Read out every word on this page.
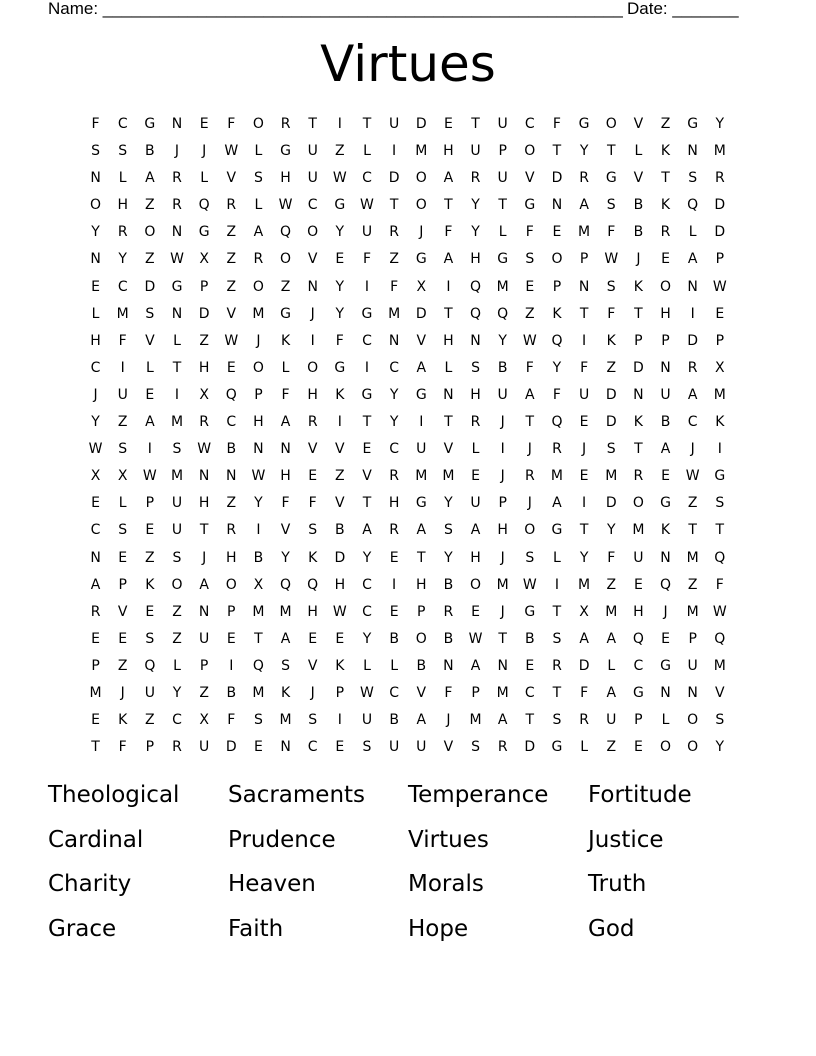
Name: _______________________________________________________ Date: _______
Virtues
F	C	G	N	E	F	O	R	T	I	T	U	D	E	T	U	C	F	G	O	V	Z	G	Y
S	S	B	J	J	W	L	G	U	Z	L	I	M	H	U	P	O	T	Y	T	L	K	N	M
N	L	A	R	L	V	S	H	U	W	C	D	O	A	R	U	V	D	R	G	V	T	S	R
O	H	Z	R	Q	R	L	W	C	G	W	T	O	T	Y	T	G	N	A	S	B	K	Q	D
Y	R	O	N	G	Z	A	Q	O	Y	U	R	J	F	Y	L	F	E	M	F	B	R	L	D
N	Y	Z	W	X	Z	R	O	V	E	F	Z	G	A	H	G	S	O	P	W	J	E	A	P
E	C	D	G	P	Z	O	Z	N	Y	I	F	X	I	Q	M	E	P	N	S	K	O	N	W
L	M	S	N	D	V	M	G	J	Y	G	M	D	T	Q	Q	Z	K	T	F	T	H	I	E
H	F	V	L	Z	W	J	K	I	F	C	N	V	H	N	Y	W	Q	I	K	P	P	D	P
C	I	L	T	H	E	O	L	O	G	I	C	A	L	S	B	F	Y	F	Z	D	N	R	X
J	U	E	I	X	Q	P	F	H	K	G	Y	G	N	H	U	A	F	U	D	N	U	A	M
Y	Z	A	M	R	C	H	A	R	I	T	Y	I	T	R	J	T	Q	E	D	K	B	C	K
W	S	I	S	W	B	N	N	V	V	E	C	U	V	L	I	J	R	J	S	T	A	J	I
X	X	W	M	N	N	W	H	E	Z	V	R	M	M	E	J	R	M	E	M	R	E	W	G
E	L	P	U	H	Z	Y	F	F	V	T	H	G	Y	U	P	J	A	I	D	O	G	Z	S
C	S	E	U	T	R	I	V	S	B	A	R	A	S	A	H	O	G	T	Y	M	K	T	T
N	E	Z	S	J	H	B	Y	K	D	Y	E	T	Y	H	J	S	L	Y	F	U	N	M	Q
A	P	K	O	A	O	X	Q	Q	H	C	I	H	B	O	M	W	I	M	Z	E	Q	Z	F
R	V	E	Z	N	P	M	M	H	W	C	E	P	R	E	J	G	T	X	M	H	J	M	W
E	E	S	Z	U	E	T	A	E	E	Y	B	O	B	W	T	B	S	A	A	Q	E	P	Q
P	Z	Q	L	P	I	Q	S	V	K	L	L	B	N	A	N	E	R	D	L	C	G	U	M
M	J	U	Y	Z	B	M	K	J	P	W	C	V	F	P	M	C	T	F	A	G	N	N	V
E	K	Z	C	X	F	S	M	S	I	U	B	A	J	M	A	T	S	R	U	P	L	O	S
T	F	P	R	U	D	E	N	C	E	S	U	U	V	S	R	D	G	L	Z	E	O	O	Y
Theological	Sacraments	Temperance	Fortitude
Cardinal	Prudence	Virtues	Justice
Charity	Heaven	Morals	Truth
Grace	Faith	Hope	God
